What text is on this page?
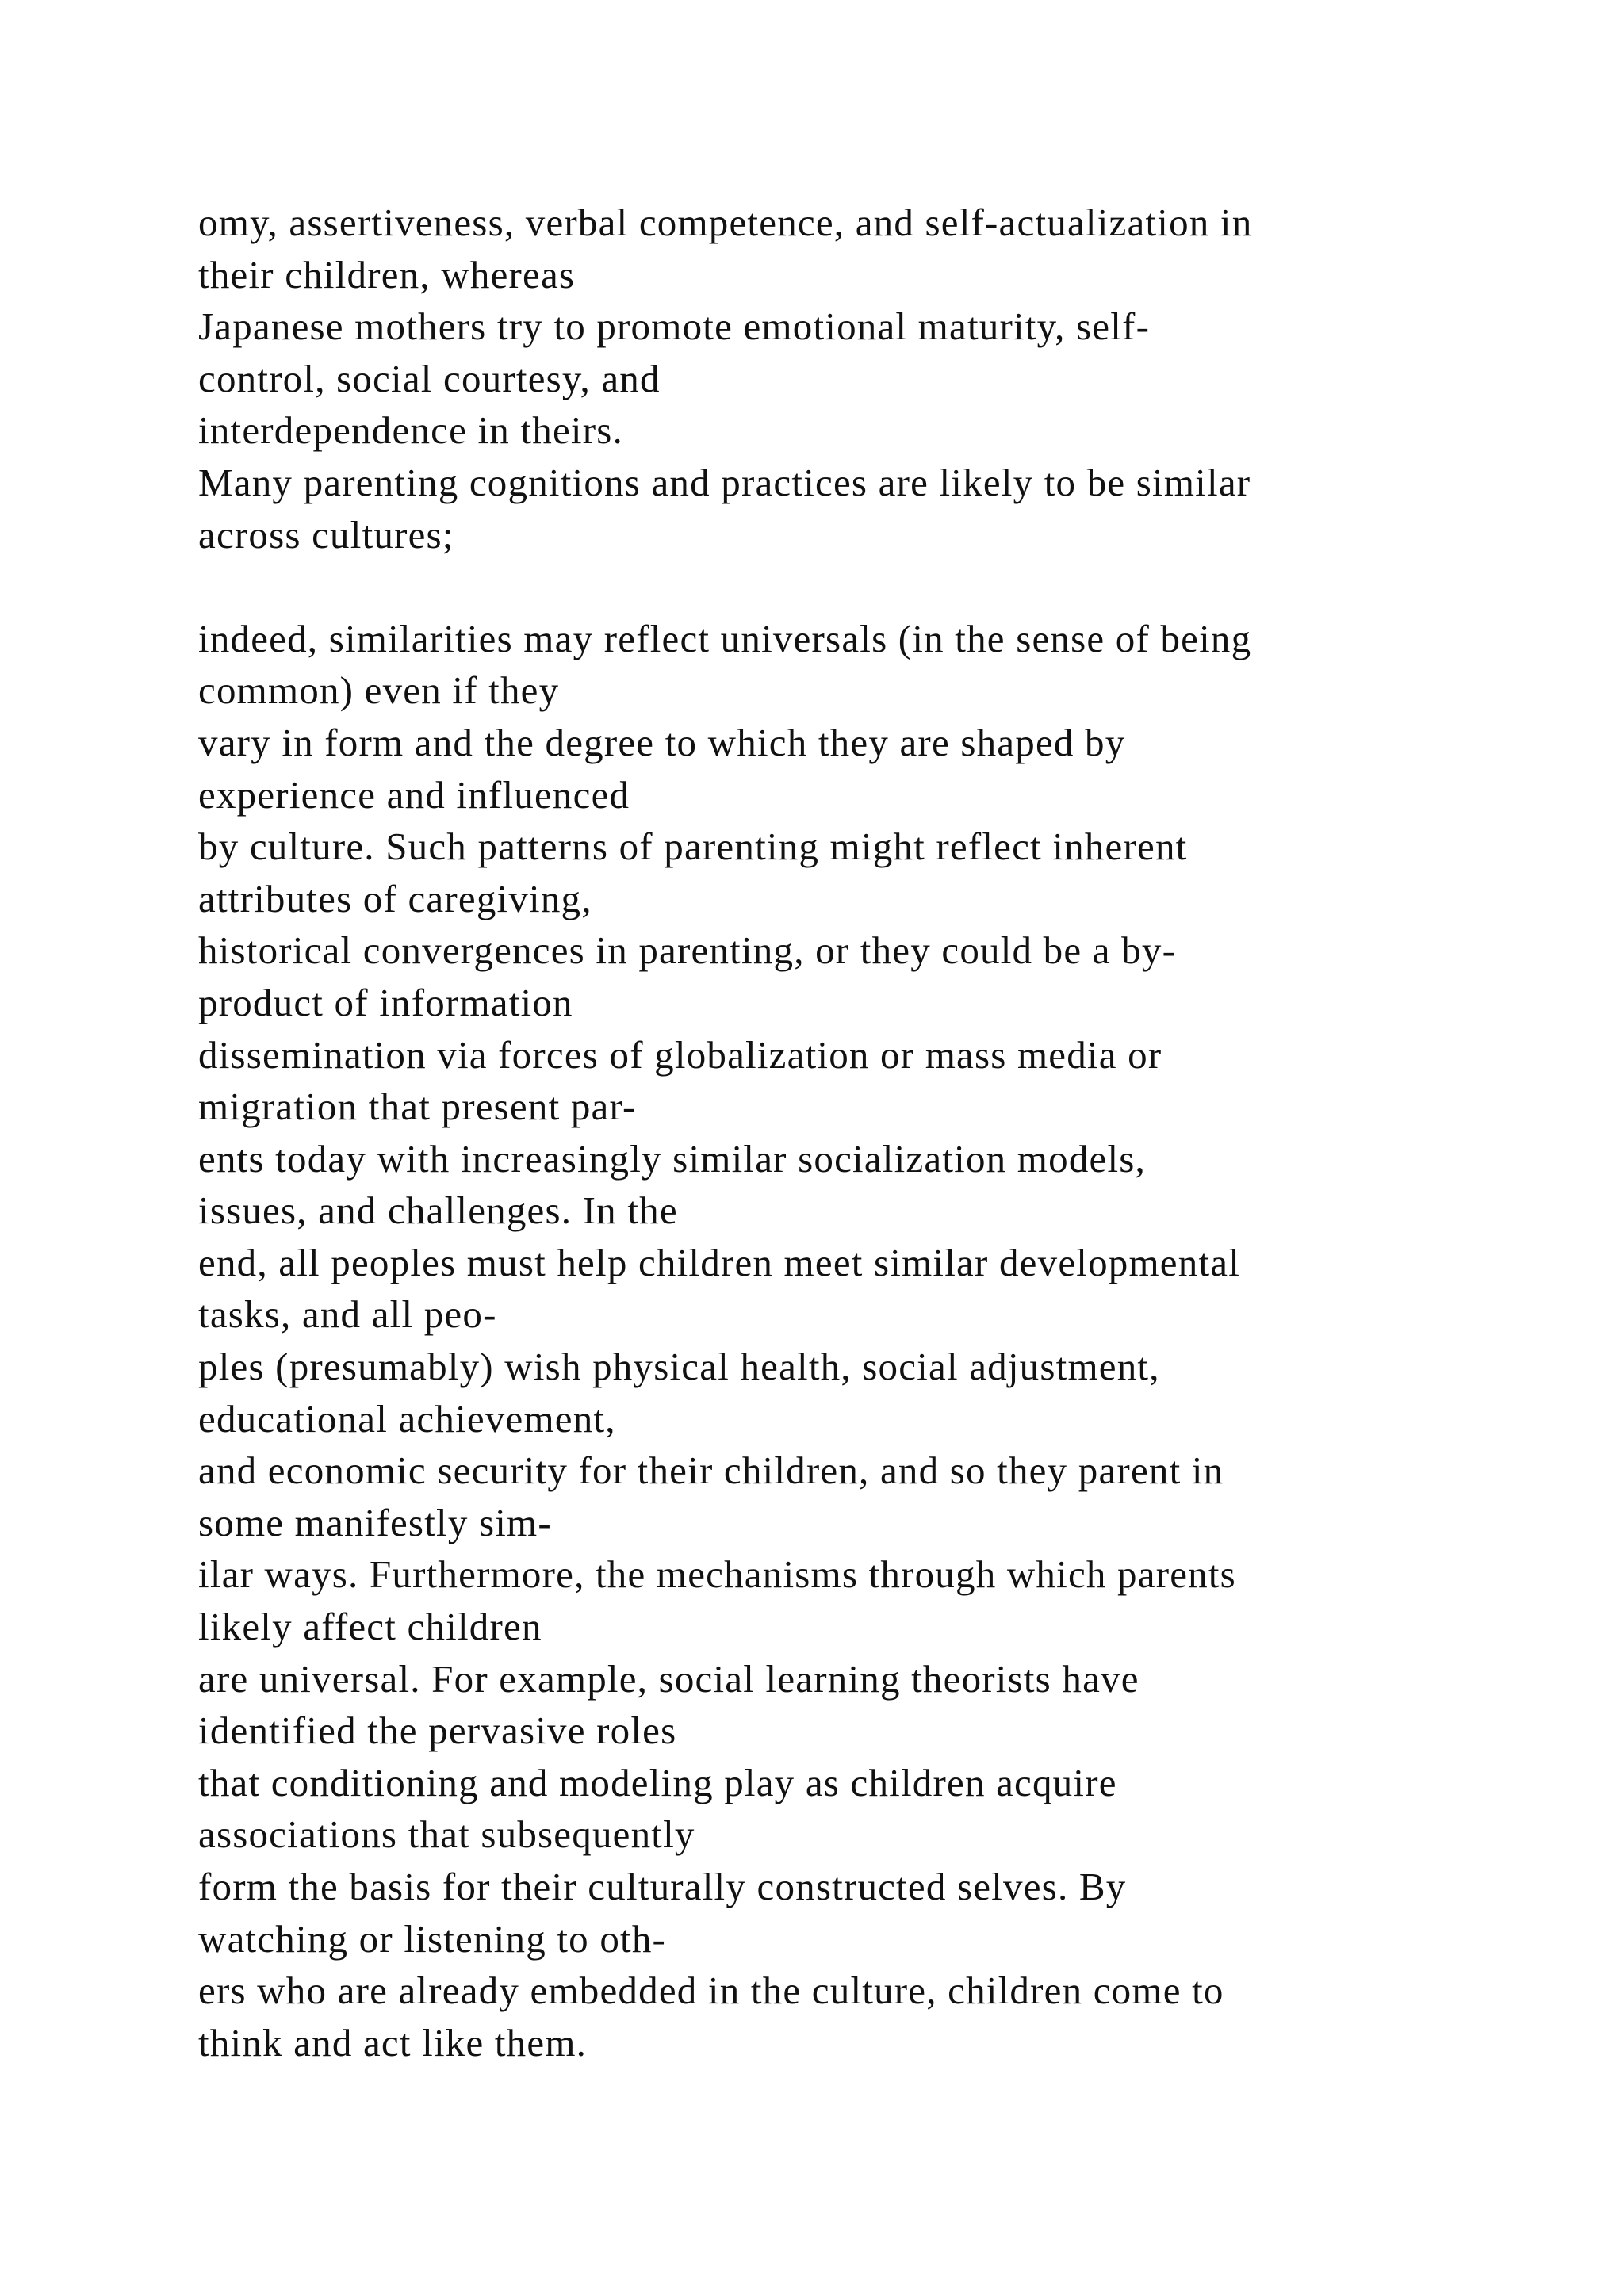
omy, assertiveness, verbal competence, and self-actualization in
their children, whereas
Japanese mothers try to promote emotional maturity, self-
control, social courtesy, and
interdependence in theirs.
Many parenting cognitions and practices are likely to be similar
across cultures;
indeed, similarities may reflect universals (in the sense of being
common) even if they
vary in form and the degree to which they are shaped by
experience and influenced
by culture. Such patterns of parenting might reflect inherent
attributes of caregiving,
historical convergences in parenting, or they could be a by-
product of information
dissemination via forces of globalization or mass media or
migration that present par-
ents today with increasingly similar socialization models,
issues, and challenges. In the
end, all peoples must help children meet similar developmental
tasks, and all peo-
ples (presumably) wish physical health, social adjustment,
educational achievement,
and economic security for their children, and so they parent in
some manifestly sim-
ilar ways. Furthermore, the mechanisms through which parents
likely affect children
are universal. For example, social learning theorists have
identified the pervasive roles
that conditioning and modeling play as children acquire
associations that subsequently
form the basis for their culturally constructed selves. By
watching or listening to oth-
ers who are already embedded in the culture, children come to
think and act like them.
